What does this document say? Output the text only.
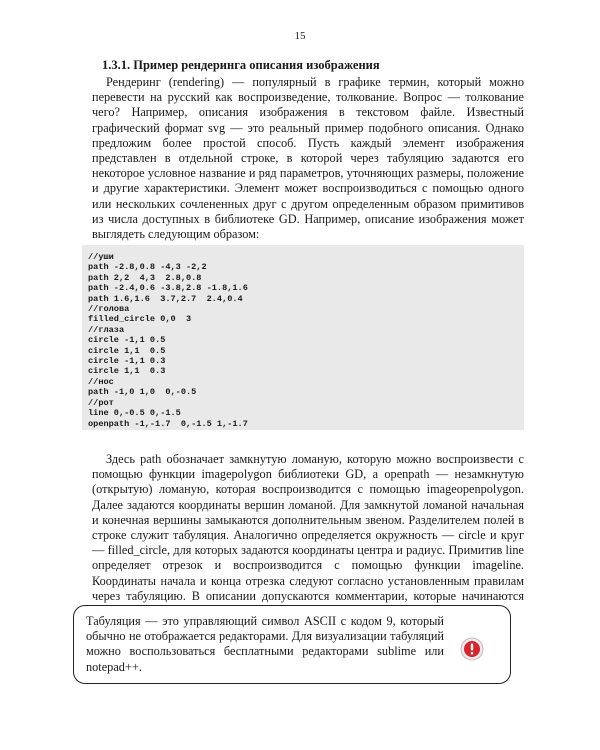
15
1.3.1. Пример рендеринга описания изображения

Рендеринг (rendering) — популярный в графике термин, который можно перевести на русский как воспроизведение, толкование. Вопрос — толкование чего? Например, описания изображения в текстовом файле. Известный графический формат svg — это реальный пример подобного описания. Однако предложим более простой способ. Пусть каждый элемент изображения представлен в отдельной строке, в которой через табуляцию задаются его некоторое условное название и ряд параметров, уточняющих размеры, положение и другие характеристики. Элемент может воспроизводиться с помощью одного или нескольких сочлененных друг с другом определенным образом примитивов из числа доступных в библиотеке GD. Например, описание изображения может выглядеть следующим образом:

//уши
path -2.8,0.8 -4,3 -2,2
path 2,2  4,3  2.8,0.8
path -2.4,0.6 -3.8,2.8 -1.8,1.6
path 1.6,1.6  3.7,2.7  2.4,0.4
//голова
filled_circle 0,0  3
//глаза
circle -1,1 0.5
circle 1,1  0.5
circle -1,1 0.3
circle 1,1  0.3
//нос
path -1,0 1,0  0,-0.5
//рот
line 0,-0.5 0,-1.5
openpath -1,-1.7  0,-1.5 1,-1.7

Здесь path обозначает замкнутую ломаную, которую можно воспроизвести с помощью функции imagepolygon библиотеки GD, а openpath — незамкнутую (открытую) ломаную, которая воспроизводится с помощью imageopenpolygon. Далее задаются координаты вершин ломаной. Для замкнутой ломаной начальная и конечная вершины замыкаются дополнительным звеном. Разделителем полей в строке служит табуляция. Аналогично определяется окружность — circle и круг — filled_circle, для которых задаются координаты центра и радиус. Примитив line определяет отрезок и воспроизводится с помощью функции imageline. Координаты начала и конца отрезка следуют согласно установленным правилам через табуляцию. В описании допускаются комментарии, которые начинаются

Табуляция — это управляющий символ ASCII с кодом 9, который обычно не отображается редакторами. Для визуализации табуляций можно воспользоваться бесплатными редакторами sublime или notepad++.
